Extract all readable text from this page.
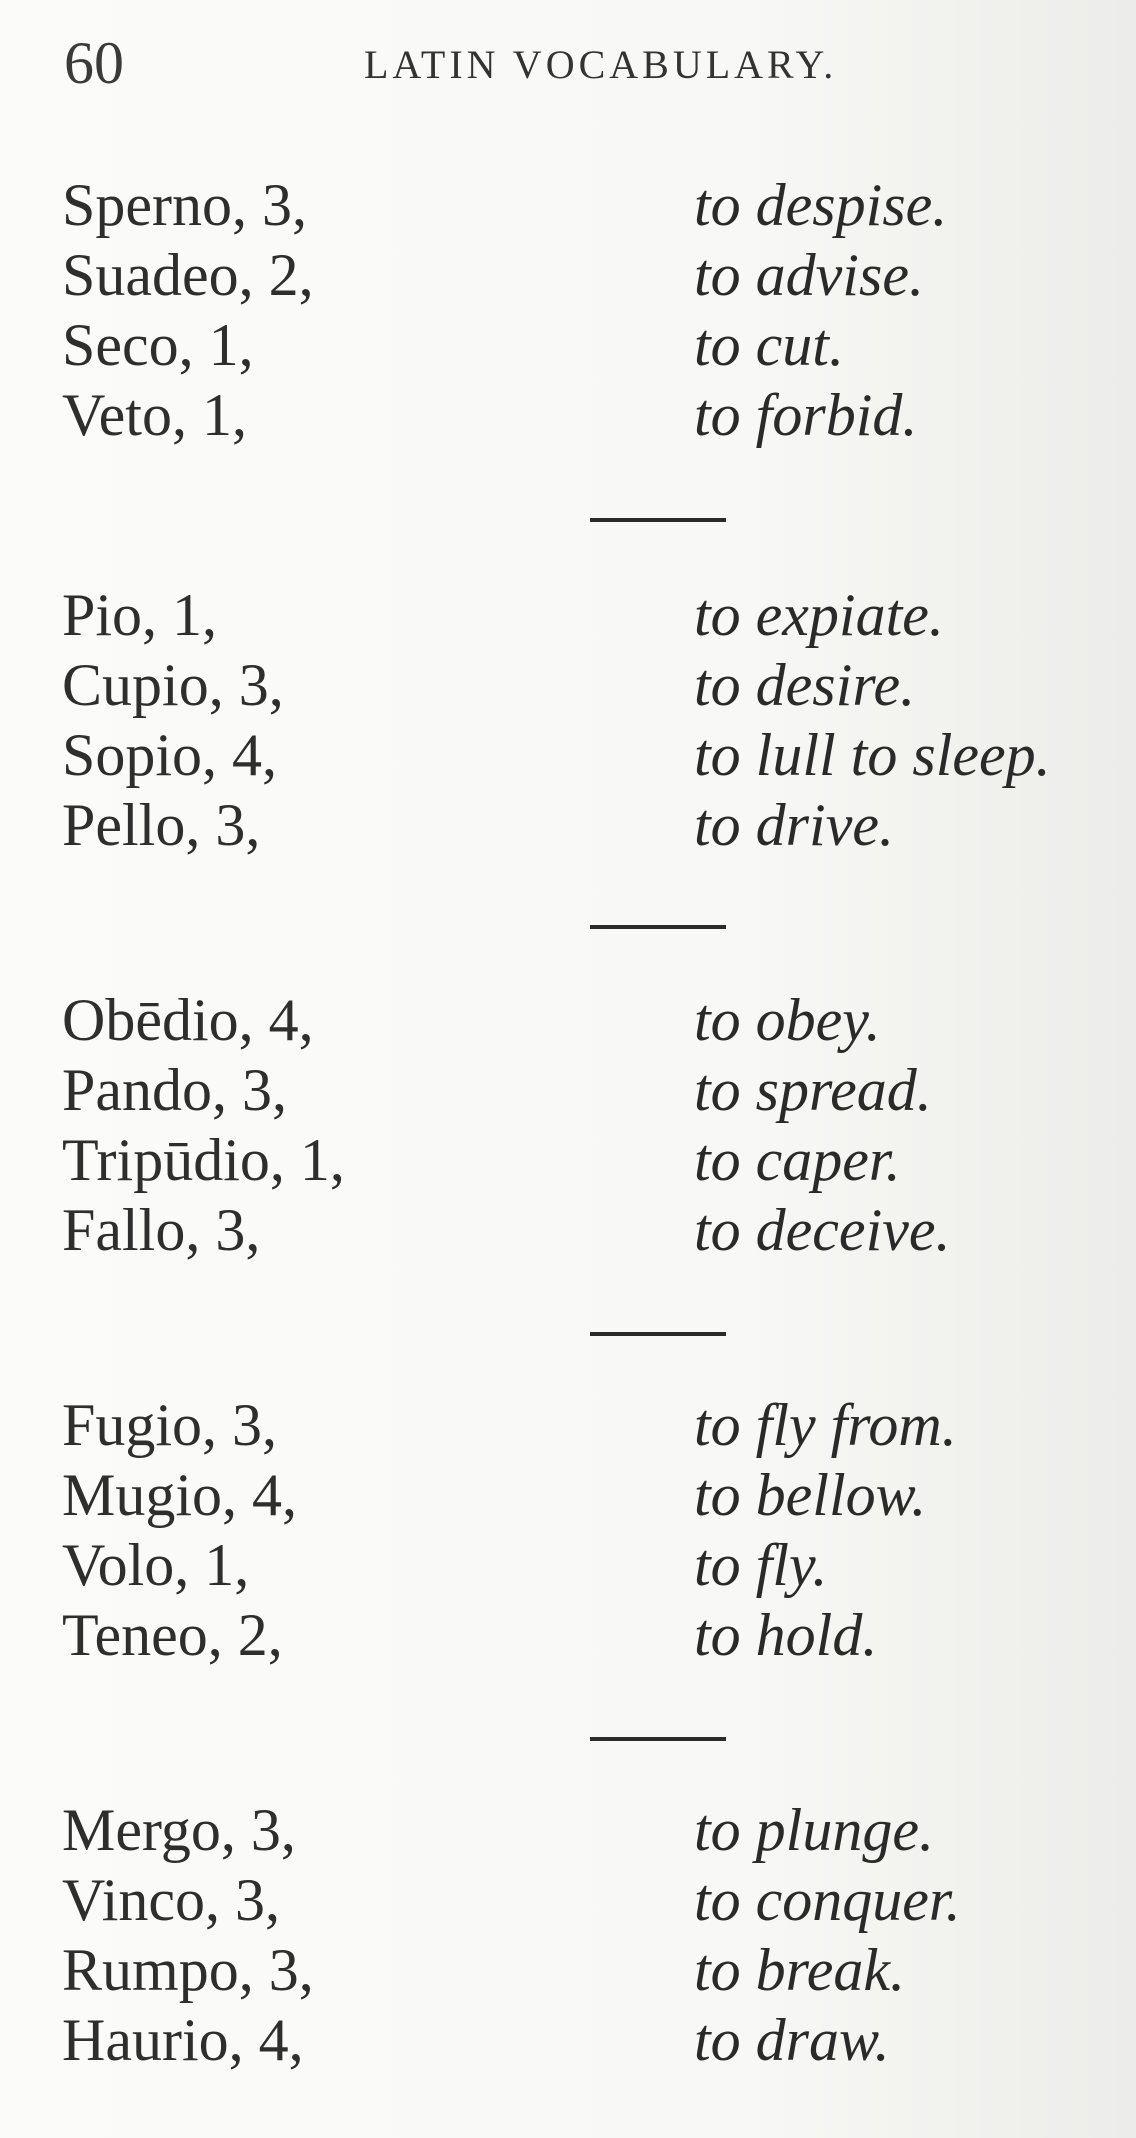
60	LATIN VOCABULARY.
Sperno, 3,	to despise.
Suadeo, 2,	to advise.
Seco, 1,	to cut.
Veto, 1,	to forbid.
Pio, 1,	to expiate.
Cupio, 3,	to desire.
Sopio, 4,	to lull to sleep.
Pello, 3,	to drive.
Obēdio, 4,	to obey.
Pando, 3,	to spread.
Tripūdio, 1,	to caper.
Fallo, 3,	to deceive.
Fugio, 3,	to fly from.
Mugio, 4,	to bellow.
Volo, 1,	to fly.
Teneo, 2,	to hold.
Mergo, 3,	to plunge.
Vinco, 3,	to conquer.
Rumpo, 3,	to break.
Haurio, 4,	to draw.
